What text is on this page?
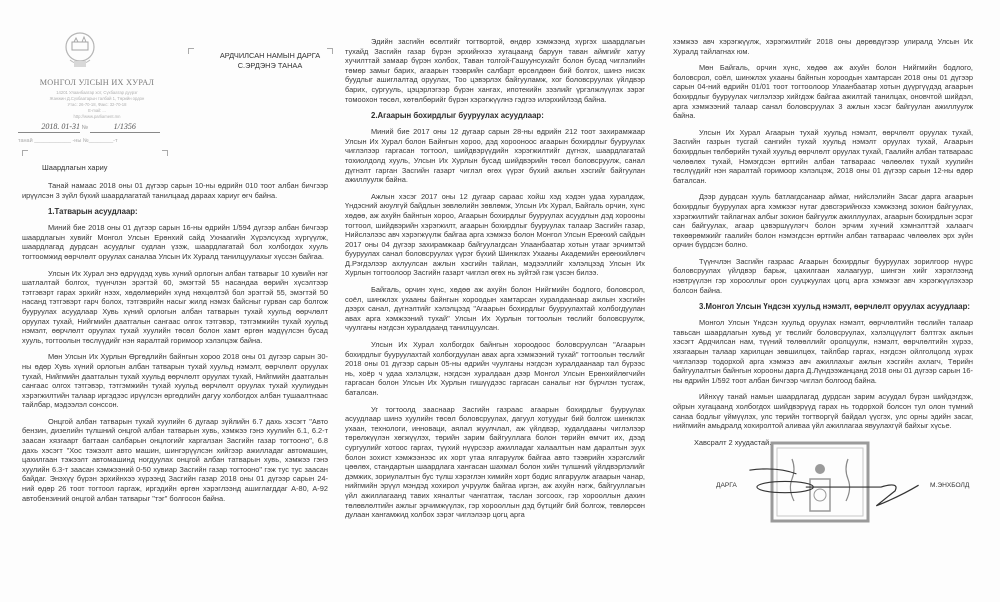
МОНГОЛ УЛСЫН ИХ ХУРАЛ
14201 Улаанбаатар хот, Сүхбаатар дүүрэг
Жанжин Д.Сүхбаатарын талбай 1, Төрийн ордон
Утас: 26-70-18, Факс: 32-70-18
E-mail: ...
http://www.parliament.mn
2018. 01-31 №	1/1356
танай ____________ -ны №________-т
АРДЧИЛСАН НАМЫН ДАРГА
С.ЭРДЭНЭ ТАНАА
Шаардлагын хариу

Танай намаас 2018 оны 01 дүгээр сарын 10-ны өдрийн 010 тоот албан бичгээр ирүүлсэн 3 зүйл бүхий шаардлагатай танилцаад дараах хариуг өгч байна.

1.Татварын асуудлаар:

Миний бие 2018 оны 01 дүгээр сарын 16-ны өдрийн 1/594 дүгээр албан бичгээр шаардлагын хувийг Монгол Улсын Ерөнхий сайд Ухнаагийн Хүрэлсүхэд хүргүүлж, шаардлагад дурдсан асуудлыг судлан үзэж, шаардлагатай бол холбогдох хууль тогтоомжид өөрчлөлт оруулах саналаа Улсын Их Хуралд танилцуулахыг хүссэн байгаа.

Улсын Их Хурал энэ өдрүүдэд хувь хүний орлогын албан татварыг 10 хувийн нэг шатлалтай болгох, түүнчлэн эрэгтэй 60, эмэгтэй 55 насандаа өөрийн хүсэлтээр тэтгэвэрт гарах эрхийг нээх, хөдөлмөрийн хүнд нөхцөлтэй бол эрэгтэй 55, эмэгтэй 50 насанд тэтгэвэрт гарч болох, тэтгэврийн насыг жилд нэмэх байсныг гурван сар болгож бууруулах асуудлаар Хувь хүний орлогын албан татварын тухай хуульд өөрчлөлт оруулах тухай, Нийгмийн даатгалын сангаас олгох тэтгэвэр, тэтгэмжийн тухай хуульд нэмэлт, өөрчлөлт оруулах тухай хуулийн төсөл болон хамт өргөн мэдүүлсэн бусад хууль, тогтоолын төслүүдийг нэн яаралтай горимоор хэлэлцэж байна.

Мөн Улсын Их Хурлын Өргөдлийн байнгын хороо 2018 оны 01 дүгээр сарын 30-ны өдөр Хувь хүний орлогын албан татварын тухай хуульд нэмэлт, өөрчлөлт оруулах тухай, Нийгмийн даатгалын тухай хуульд өөрчлөлт оруулах тухай, Нийгмийн даатгалын сангаас олгох тэтгэвэр, тэтгэмжийн тухай хуульд өөрчлөлт оруулах тухай хуулиудын хэрэгжилтийн талаар иргэдээс ирүүлсэн өргөдлийн дагуу холбогдох албан тушаалтнаас тайлбар, мэдээлэл сонссон.

Онцгой албан татварын тухай хуулийн 6 дугаар зүйлийн 6.7 дахь хэсэгт "Авто бензин, дизелийн түлшний онцгой албан татварын хувь, хэмжээ гэнэ хуулийн 6.1, 6.2-т заасан хязгаарт багтаан салбарын онцлогийг харгалзан Засгийн газар тогтооно", 6.8 дахь хэсэгт "Хос тэжээлт авто машин, шингэрүүлсэн хийгээр ажилладаг автомашин, цахилгаан тэжээлт автомашинд ногдуулах онцгой албан татварын хувь, хэмжээ гэнэ хуулийн 6.3-т заасан хэмжээний 0-50 хувиар Засгийн газар тогтооно" гэж тус тус заасан байдаг. Энэхүү бүрэн эрхийнхээ хүрээнд Засгийн газар 2018 оны 01 дүгээр сарын 24-ний өдөр 26 тоот тогтоол гаргаж, иргэдийн өргөн хэрэглээнд ашиглагддаг А-80, А-92 автобензиний онцгой албан татварыг "тэг" болгосон байна.

Эдийн засгийн өсөлтийг тогтвортой, өндөр хэмжээнд хүргэх шаардлагын тухайд Засгийн газар бүрэн эрхийнхээ хугацаанд баруун таван аймгийг хатуу хучилттай замаар бүрэн холбох, Таван толгой-Гашуунсухайт болон бусад чиглэлийн төмөр замыг барих, агаарын тээврийн салбарт өрсөлдөөн бий болгох, шинэ нисэх буудлыг ашиглалтад оруулах, Тоо цэвэрлэх байгууламж, хог боловсруулах үйлдвэр барих, сургууль, цэцэрлэгээр бүрэн хангах, ипотекийн зээлийг үргэлжлүүлэх зэрэг томоохон төсөл, хөтөлбөрийг бүрэн хэрэгжүүлнэ гэдгээ илэрхийлээд байна.

2.Агаарын бохирдлыг бууруулах асуудлаар:

Миний бие 2017 оны 12 дугаар сарын 28-ны өдрийн 212 тоот захирамжаар Улсын Их Хурал болон Байнгын хороо, дэд хорооноос агаарын бохирдлыг бууруулах чиглэлээр гаргасан тогтоол, шийдвэрүүдийн хэрэгжилтийг дүгнэх, шаардлагатай тохиолдолд хууль, Улсын Их Хурлын бусад шийдвэрийн төсөл боловсруулж, санал дүгнэлт гарган Засгийн газарт чиглэл өгөх үүрэг бүхий ажлын хэсгийг байгуулан ажиллуулж байна.

Ажлын хэсэг 2017 оны 12 дугаар сараас хойш хэд хэдэн удаа хуралдаж, Үндэсний аюулгүй байдлын зөвлөлийн зөвлөмж, Улсын Их Хурал, Байгаль орчин, хүнс хөдөө, аж ахуйн байнгын хороо, Агаарын бохирдлыг бууруулах асуудлын дэд хорооны тогтоол, шийдвэрийн хэрэгжилт, агаарын бохирдлыг бууруулах талаар Засгийн газар, Нийслэлээс авч хэрэгжүүлж байгаа арга хэмжээ болон Монгол Улсын Ерөнхий сайдын 2017 оны 04 дүгээр захирамжаар байгуулагдсан Улаанбаатар хотын утааг эрчимтэй бууруулах санал боловсруулах үүрэг бүхий Шинжлэх Ухааны Академийн ерөнхийлөгч Д.Рэгдэлээр ахлуулсан ажлын хэсгийн тайлан, мэдээллийг хэлэлцээд Улсын Их Хурлын тогтоолоор Засгийн газарт чиглэл өгөх нь зүйтэй гэж үзсэн билээ.

Байгаль, орчин хүнс, хөдөө аж ахуйн болон Нийгмийн бодлого, боловсрол, соёл, шинжлэх ухааны байнгын хороодын хамтарсан хуралдаанаар ажлын хэсгийн дээрх санал, дүгнэлтийг хэлэлцээд "Агаарын бохирдлыг бууруулахтай холбогдуулан авах арга хэмжээний тухай" Улсын Их Хурлын тогтоолын төслийг боловсруулж, чуулганы нэгдсэн хуралдаанд танилцуулсан.

Улсын Их Хурал холбогдох байнгын хороодоос боловсруулсан "Агаарын бохирдлыг бууруулахтай холбогдуулан авах арга хэмжээний тухай" тогтоолын төслийг 2018 оны 01 дүгээр сарын 05-ны өдрийн чуулганы нэгдсэн хуралдаанаар тал бүрээс нь, хоёр ч удаа хэлэлцэж, нэгдсэн хуралдаан дээр Монгол Улсын Ерөнхийлөгчийн гаргасан болон Улсын Их Хурлын гишүүдээс гаргасан саналыг нэг бүрчлэн тусгаж, баталсан.

Уг тогтоолд зааснаар Засгийн газраас агаарын бохирдлыг бууруулах асуудлаар шинэ хуулийн төсөл боловсруулах, дагуул хотуудыг бий болгож шинжлэх ухаан, технологи, инноваци, аялал жуулчлал, аж үйлдвэр, худалдааны чиглэлээр төрөлжүүлэн хөгжүүлэх, төрийн зарим байгууллага болон төрийн өмчит их, дээд сургуулийг хотоос гаргах, түүхий нүүрсээр ажилладаг халаалтын нам даралтын зуух болон зохист хэмжээнээс их хорт утаа ялгаруулж байгаа авто тээврийн хэрэгслийг цөөлөх, стандартын шаардлага хангасан шахмал болон хийн түлшний үйлдвэрлэлийг дэмжих, зориулалтын бус түлш хэрэглэн химийн хорт бодис ялгаруулж агаарын чанар, нийгмийн эрүүл мэндэд хохирол учруулж байгаа иргэн, аж ахуйн нэгж, байгууллагын үйл ажиллагаанд тавих хяналтыг чангатгаж, таслан зогсоох, гэр хорооллын дахин төлөвлөлтийн ажлыг эрчимжүүлэх, гэр хорооллын дэд бүтцийг бий болгож, төвлөрсөн дулаан хангамжид холбох зэрэг чиглэлээр цогц арга

хэмжээ авч хэрэгжүүлж, хэрэгжилтийг 2018 оны дөрөвдүгээр улиралд Улсын Их Хуралд тайлагнах юм.

Мөн Байгаль, орчин хүнс, хөдөө аж ахуйн болон Нийгмийн бодлого, боловсрол, соёл, шинжлэх ухааны байнгын хороодын хамтарсан 2018 оны 01 дүгээр сарын 04-ний өдрийн 01/01 тоот тогтоолоор Улаанбаатар хотын дүүргүүдэд агаарын бохирдлыг бууруулах чиглэлээр хийгдэж байгаа ажилтай танилцах, оновчтой шийдэл, арга хэмжээний талаар санал боловсруулах 3 ажлын хэсэг байгуулан ажиллуулж байна.

Улсын Их Хурал Агаарын тухай хуульд нэмэлт, өөрчлөлт оруулах тухай, Засгийн газрын тусгай сангийн тухай хуульд нэмэлт оруулах тухай, Агаарын бохирдлын төлбөрийн тухай хуульд өөрчлөлт оруулах тухай, Гаалийн албан татвараас чөлөөлөх тухай, Нэмэгдсэн өртгийн албан татвараас чөлөөлөх тухай хуулийн төслүүдийг нэн яаралтай горимоор хэлэлцэж, 2018 оны 01 дүгээр сарын 12-ны өдөр баталсан.

Дээр дурдсан хууль батлагдсанаар аймаг, нийслэлийн Засаг дарга агаарын бохирдлыг бууруулах арга хэмжээг нутаг дэвсгэрийнхээ хэмжээнд зохион байгуулах, хэрэгжилтийг тайлагнах албыг зохион байгуулж ажиллуулах, агаарын бохирдлын эсрэг сан байгуулах, агаар цэвэршүүлэгч болон эрчим хүчний хэмнэлттэй халаагч төхөөрөмжийг гаалийн болон нэмэгдсэн өртгийн албан татвараас чөлөөлөх эрх зүйн орчин бүрдсэн болно.

Түүнчлэн Засгийн газраас Агаарын бохирдлыг бууруулах зорилгоор нүүрс боловсруулах үйлдвэр барьж, цахилгаан халаагуур, шингэн хийг хэрэглээнд нэвтрүүлэн гэр хорооллыг орон сууцжуулах цогц арга хэмжээг авч хэрэгжүүлэхээр болсон байна.

3.Монгол Улсын Үндсэн хуульд нэмэлт, өөрчлөлт оруулах асуудлаар:

Монгол Улсын Үндсэн хуульд оруулах нэмэлт, өөрчлөлтийн төслийн талаар тавьсан шаардлагын хувьд уг төслийг боловсруулах, хэлэлцүүлэгт бэлтгэх ажлын хэсэгт Ардчилсан нам, түүний төлөөллийг оролцуулж, нэмэлт, өөрчлөлтийн хүрээ, хязгаарын талаар харилцан зөвшилцөх, тайлбар гаргах, нэгдсэн ойлголцолд хүрэх чиглэлээр тодорхой арга хэмжээ авч ажиллахыг ажлын хэсгийн ахлагч, Төрийн байгуулалтын байнгын хорооны дарга Д.Лүндээжанцанд 2018 оны 01 дүгээр сарын 16-ны өдрийн 1/592 тоот албан бичгээр чиглэл болгоод байна.

Ийнхүү танай намын шаардлагад дурдсан зарим асуудал бүрэн шийдэгдэж, ойрын хугацаанд холбогдох шийдвэрүүд гарах нь тодорхой болсон тул олон түмний санаа бодлыг үймүүлэх, улс төрийн тогтворгүй байдал үүсгэх, улс орны эдийн засаг, нийгмийн амьдралд хохиролтой аливаа үйл ажиллагаа явуулахгүй байхыг хүсье.

Хавсралт 2 хуудастай.
ДАРГА	М.ЭНХБОЛД
